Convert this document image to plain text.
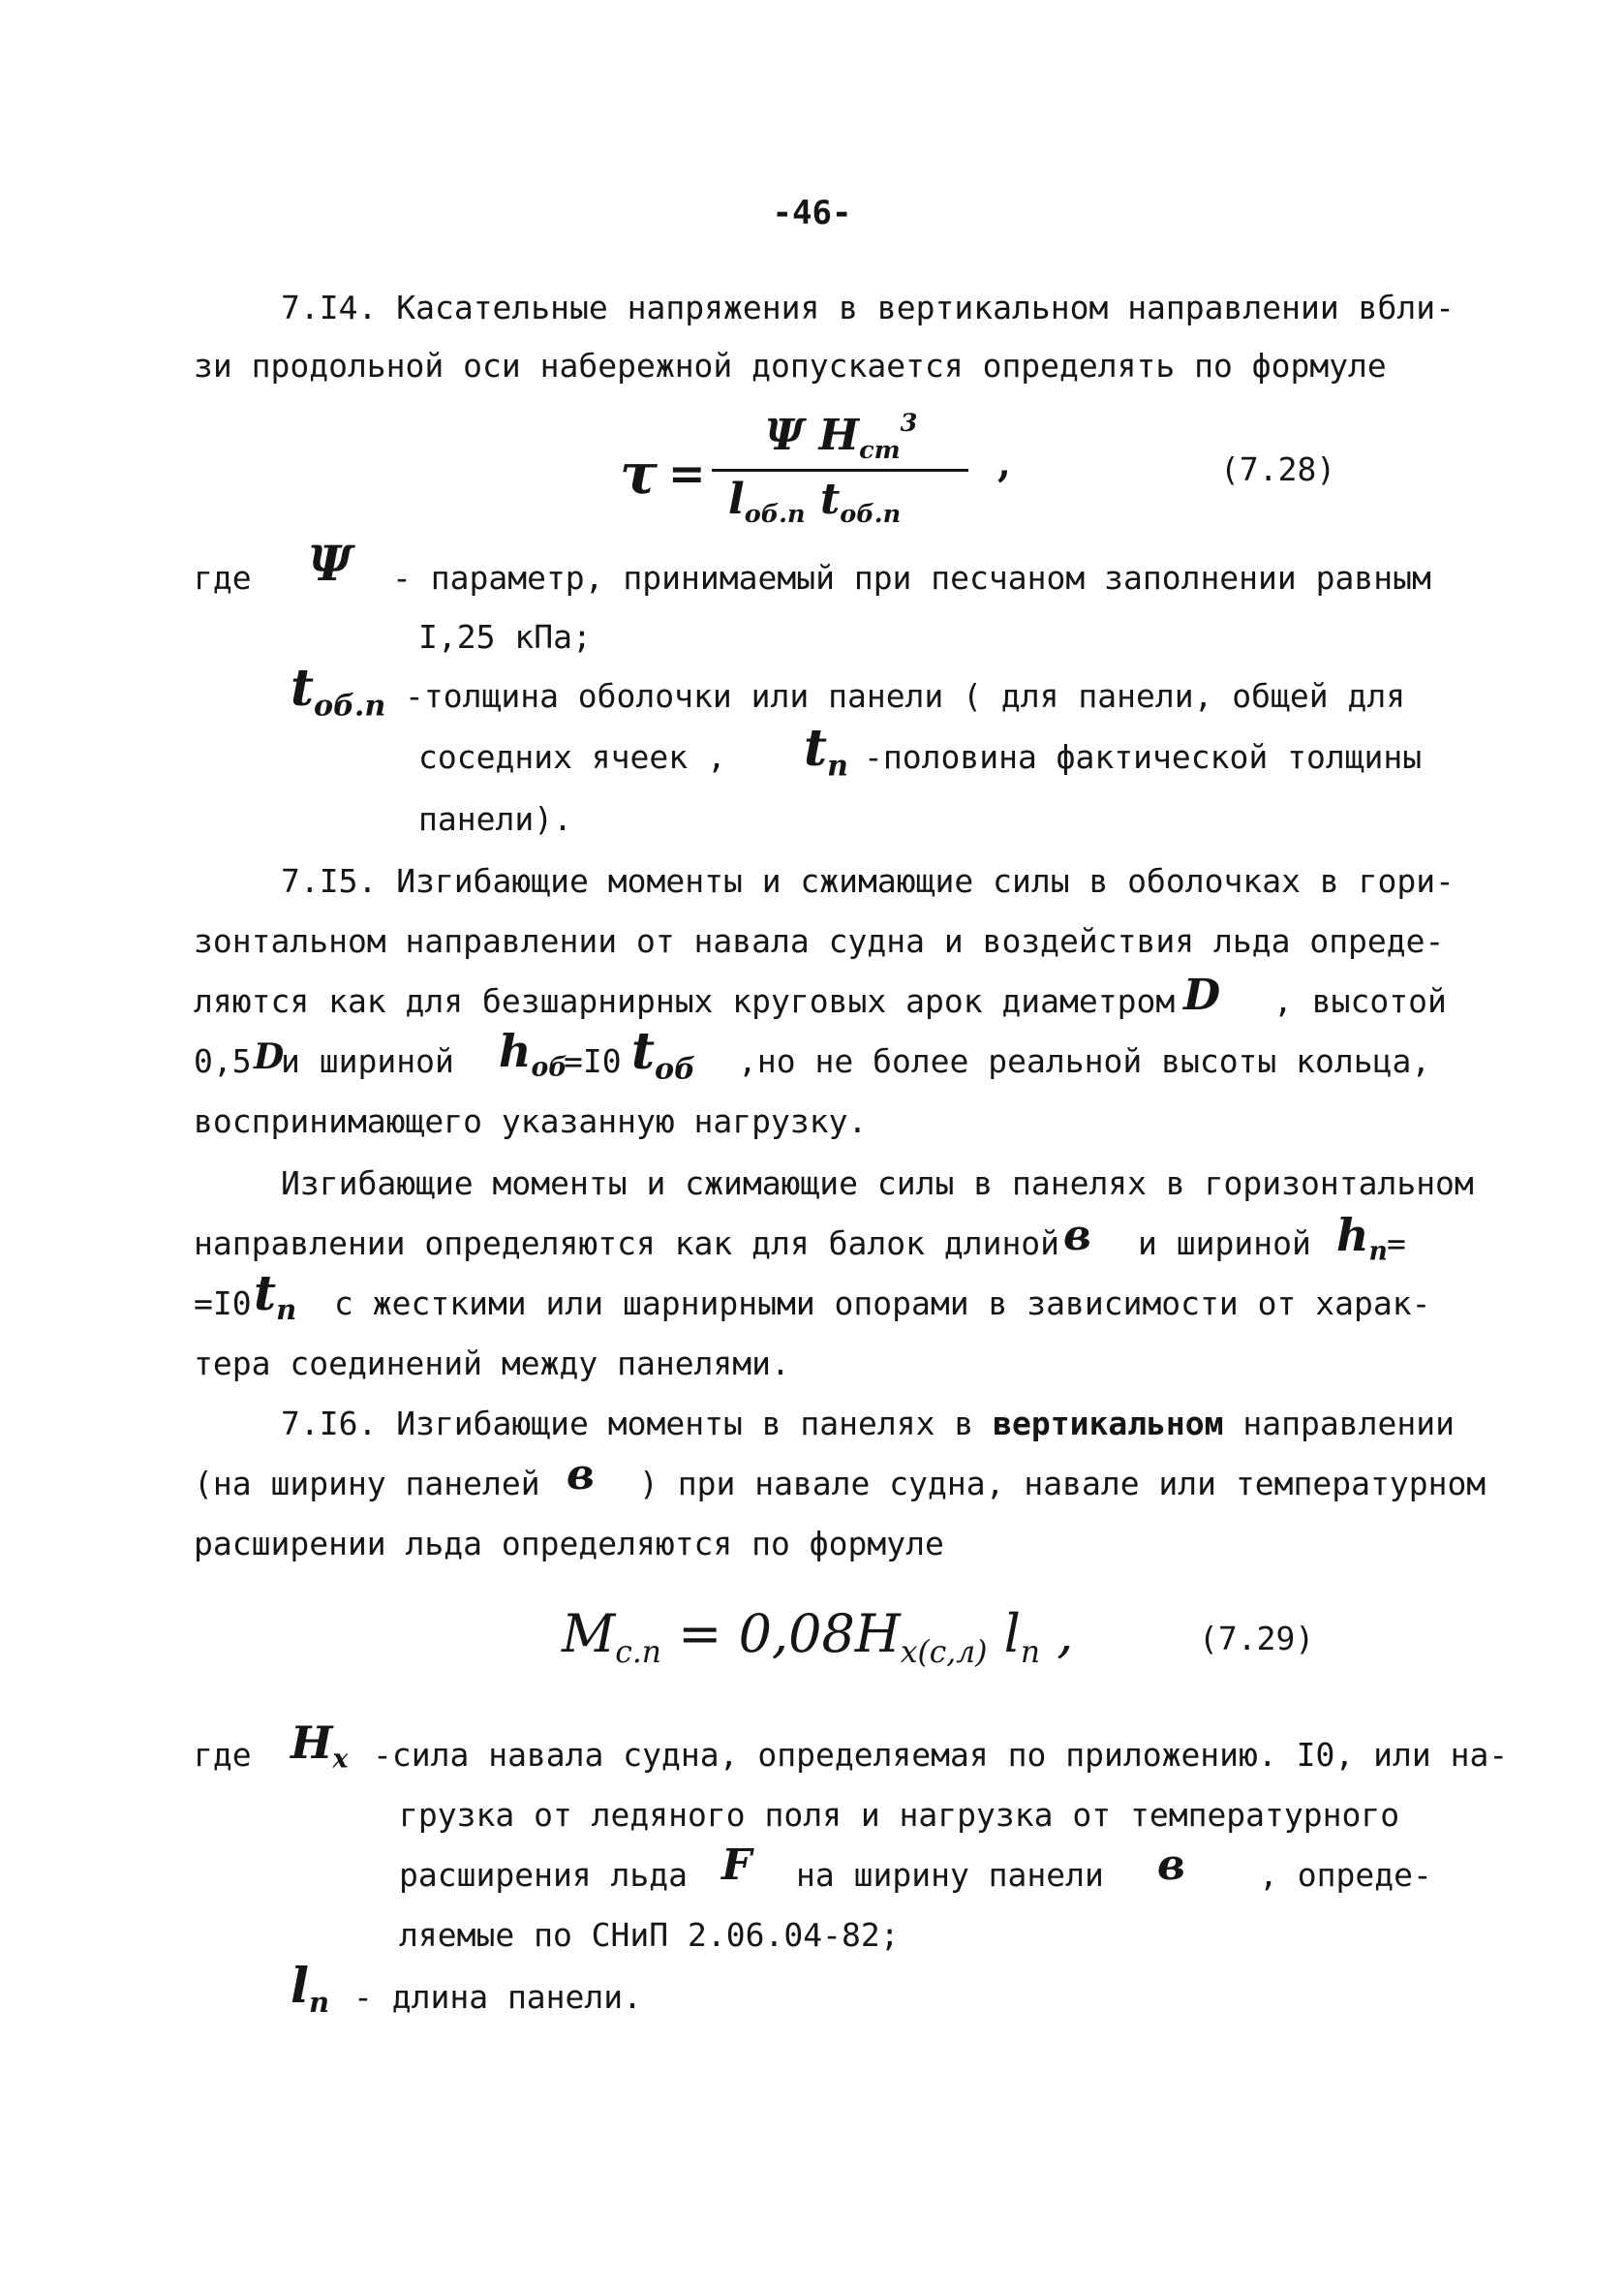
-46-
7.I4. Касательные напряжения в вертикальном направлении вбли-
зи продольной оси набережной допускается определять по формуле
τ =
Ψ $H_{ст}^3$
$l_{об.п}$ $t_{об.п}$
,	(7.28)
где Ψ - параметр, принимаемый при песчаном заполнении равным
I,25 кПа;
$t_{об.п}$ -толщина оболочки или панели ( для панели, общей для
соседних ячеек , $t_п$ -половина фактической толщины
панели).
7.I5. Изгибающие моменты и сжимающие силы в оболочках в гори-
зонтальном направлении от навала судна и воздействия льда опреде-
ляются как для безшарнирных круговых арок диаметром D , высотой
0,5 D
и шириной $h_{об}$
=I0 $t_{об}$ ,но не более реальной высоты кольца,
воспринимающего указанную нагрузку.
Изгибающие моменты и сжимающие силы в панелях в горизонтальном
направлении определяются как для балок длиной в и шириной $h_п$ =
=I0 $t_п$ с жесткими или шарнирными опорами в зависимости от харак-
тера соединений между панелями.
7.I6. Изгибающие моменты в панелях в вертикальном направлении
(на ширину панелей в ) при навале судна, навале или температурном
расширении льда определяются по формуле
$M_{с.п} = 0,08H_{х(с,л)}$ $l_п$ ,	(7.29)
где $H_х$ -сила навала судна, определяемая по приложению. I0, или на-
грузка от ледяного поля и нагрузка от температурного
расширения льда F на ширину панели в , опреде-
ляемые по СНиП 2.06.04-82;
$l_п$ - длина панели.
